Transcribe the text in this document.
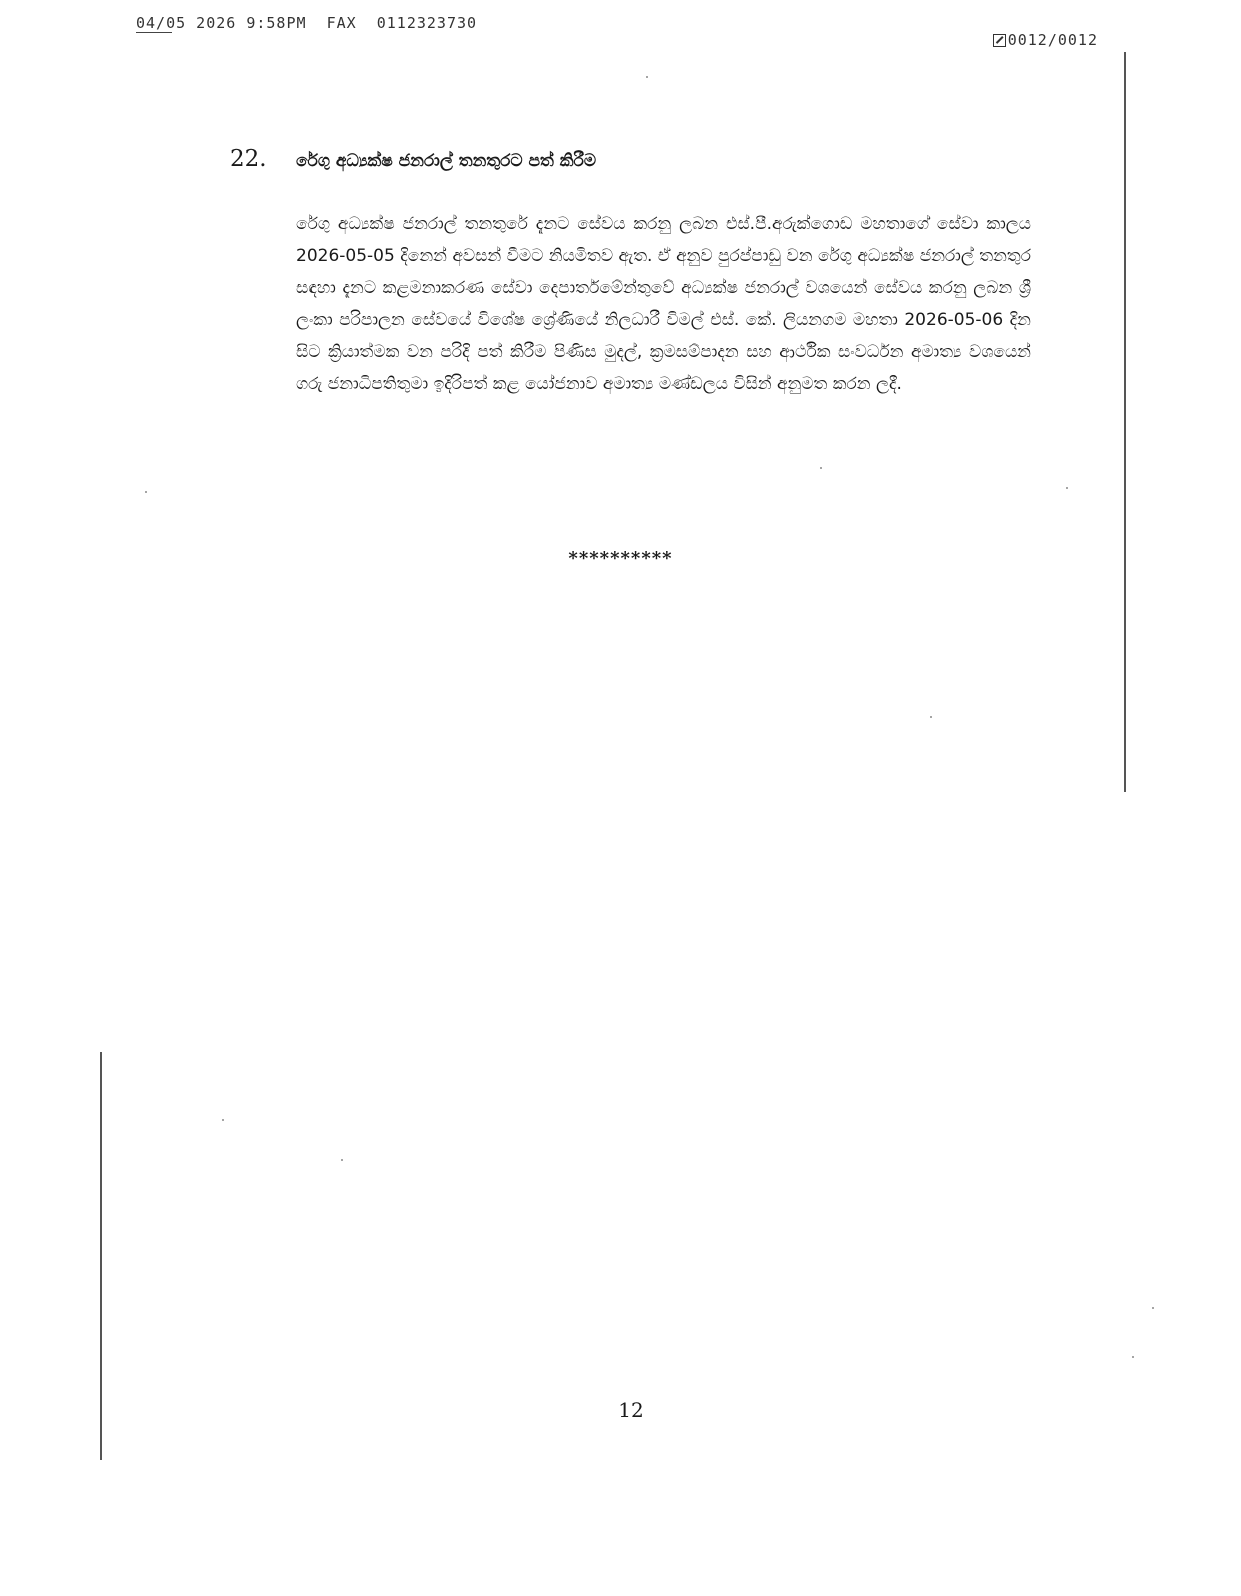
04/05 2026 9:58PM  FAX  0112323730
0012/0012
22.	රේගු අධ්‍යක්ෂ ජනරාල් තනතුරට පත් කිරීම
රේගු අධ්‍යක්ෂ ජනරාල් තනතුරේ දැනට සේවය කරනු ලබන එස්.පී.අරුක්ගොඩ මහතාගේ සේවා කාලය 2026-05-05 දිනෙන් අවසන් වීමට නියමිතව ඇත. ඒ අනුව පුරප්පාඩු වන රේගු අධ්‍යක්ෂ ජනරාල් තනතුර සඳහා දැනට කළමනාකරණ සේවා දෙපාර්තමේන්තුවේ අධ්‍යක්ෂ ජනරාල් වශයෙන් සේවය කරනු ලබන ශ්‍රී ලංකා පරිපාලන සේවයේ විශේෂ ශ්‍රේණියේ නිලධාරී විමල් එස්. කේ. ලියනගම මහතා 2026-05-06 දින සිට ක්‍රියාත්මක වන පරිදි පත් කිරීම පිණිස මුදල්, ක්‍රමසම්පාදන සහ ආර්ථික සංවර්ධන අමාත්‍ය වශයෙන් ගරු ජනාධිපතිතුමා ඉදිරිපත් කළ යෝජනාව අමාත්‍ය මණ්ඩලය විසින් අනුමත කරන ලදී.
**********
12
